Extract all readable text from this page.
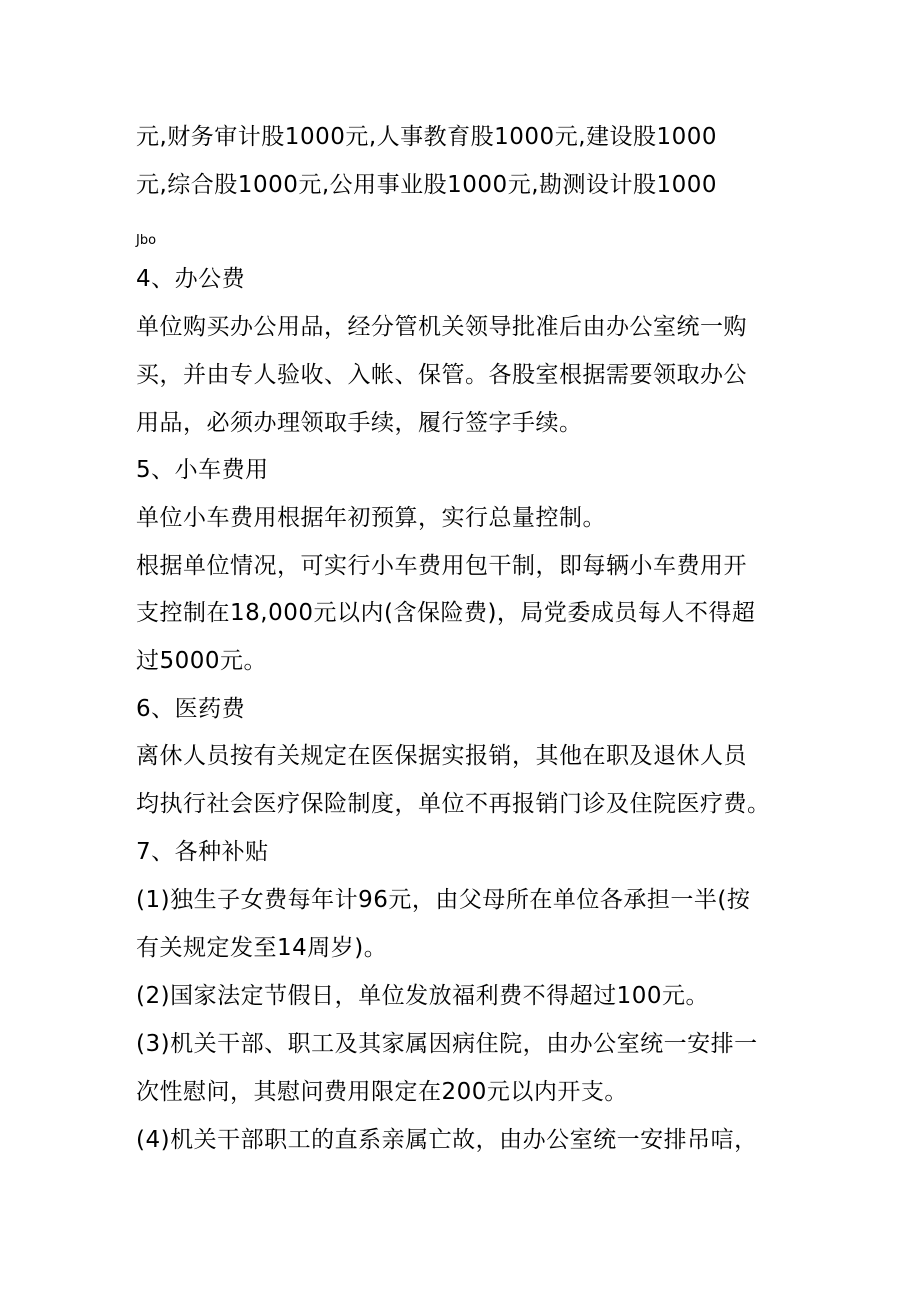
元,财务审计股1000元,人事教育股1000元,建设股1000
元,综合股1000元,公用事业股1000元,勘测设计股1000
Jbo
4、办公费
单位购买办公用品，经分管机关领导批准后由办公室统一购
买，并由专人验收、入帐、保管。各股室根据需要领取办公
用品，必须办理领取手续，履行签字手续。
5、小车费用
单位小车费用根据年初预算，实行总量控制。
根据单位情况，可实行小车费用包干制，即每辆小车费用开
支控制在18,000元以内(含保险费)，局党委成员每人不得超
过5000元。
6、医药费
离休人员按有关规定在医保据实报销，其他在职及退休人员
均执行社会医疗保险制度，单位不再报销门诊及住院医疗费。
7、各种补贴
(1)独生子女费每年计96元，由父母所在单位各承担一半(按
有关规定发至14周岁)。
(2)国家法定节假日，单位发放福利费不得超过100元。
(3)机关干部、职工及其家属因病住院，由办公室统一安排一
次性慰问，其慰问费用限定在200元以内开支。
(4)机关干部职工的直系亲属亡故，由办公室统一安排吊唁，
